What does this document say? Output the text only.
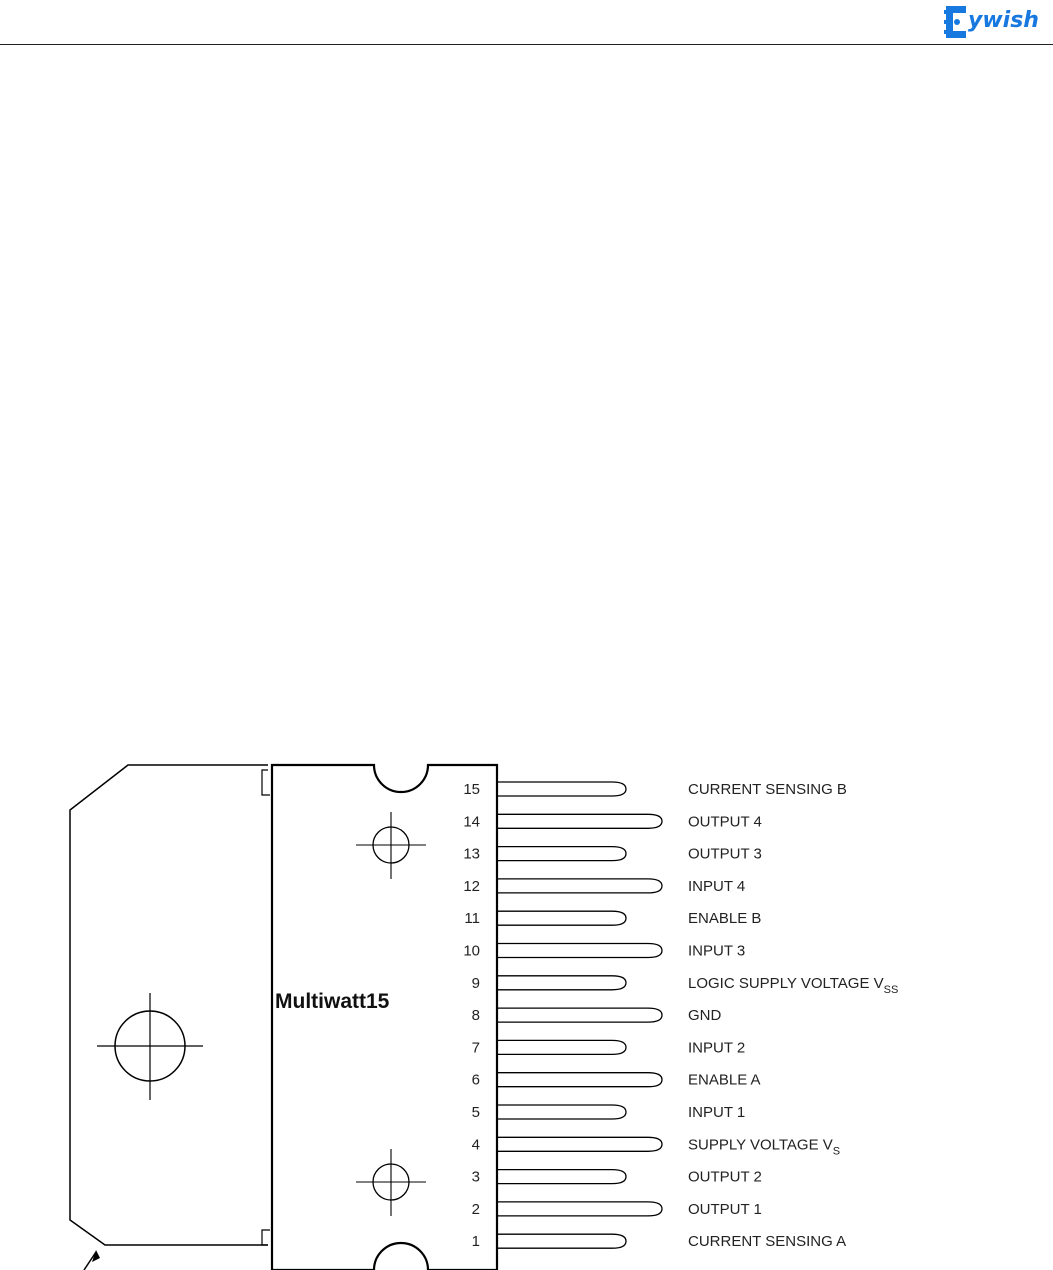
ywish
Multiwatt15
15	CURRENT SENSING B
14	OUTPUT 4
13	OUTPUT 3
12	INPUT 4
11	ENABLE B
10	INPUT 3
9	LOGIC SUPPLY VOLTAGE $V_{SS}$
8	GND
7	INPUT 2
6	ENABLE A
5	INPUT 1
4	SUPPLY VOLTAGE $V_S$
3	OUTPUT 2
2	OUTPUT 1
1	CURRENT SENSING A
